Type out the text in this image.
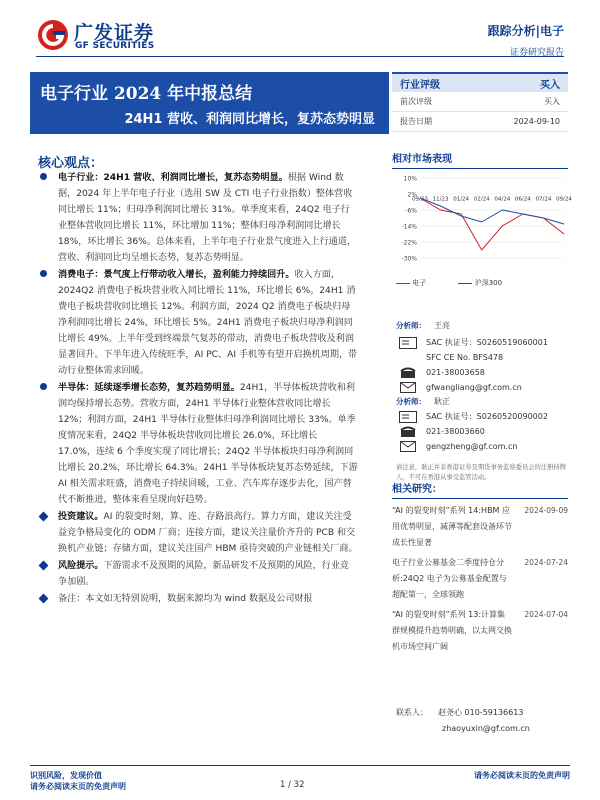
广发证券
GF SECURITIES
跟踪分析|电子
证券研究报告
电子行业 2024 年中报总结
24H1 营收、利润同比增长，复苏态势明显
行业评级	买入
前次评级	买入
报告日期	2024-09-10
核心观点：
电子行业：24H1 营收、利润同比增长，复苏态势明显。根据 Wind 数据，2024 年上半年电子行业（选用 SW 及 CTI 电子行业指数）整体营收同比增长 11%；归母净利润同比增长 31%。单季度来看，24Q2 电子行业整体营收同比增长 11%，环比增加 11%；整体归母净利润同比增长 18%，环比增长 36%。总体来看，上半年电子行业景气度进入上行通道，营收、利润同比均呈增长态势，复苏态势明显。
消费电子：景气度上行带动收入增长，盈利能力持续回升。收入方面，2024Q2 消费电子板块营业收入同比增长 11%，环比增长 6%。24H1 消费电子板块营收同比增长 12%。利润方面，2024 Q2 消费电子板块归母净利润同比增长 24%，环比增长 5%。24H1 消费电子板块归母净利润同比增长 49%。上半年受到终端景气复苏的带动，消费电子板块营收及利润显著回升。下半年进入传统旺季，AI PC、AI 手机等有望开启换机周期，带动行业整体需求回暖。
半导体：延续逐季增长态势，复苏趋势明显。24H1，半导体板块营收和利润均保持增长态势。营收方面，24H1 半导体行业整体营收同比增长 12%；利润方面，24H1 半导体行业整体归母净利润同比增长 33%。单季度情况来看，24Q2 半导体板块营收同比增长 26.0%，环比增长 17.0%，连续 6 个季度实现了同比增长；24Q2 半导体板块归母净利润同比增长 20.2%，环比增长 64.3%。24H1 半导体板块复苏态势延续，下游 AI 相关需求旺盛，消费电子持续回暖，工业、汽车库存逐步去化，国产替代不断推进，整体来看呈现向好趋势。
投资建议。AI 的裂变时刻，算、连、存路浪高行。算力方面，建议关注受益竞争格局变化的 ODM 厂商；连接方面，建议关注量价齐升的 PCB 和交换机产业链；存储方面，建议关注国产 HBM 亟待突破的产业链相关厂商。
风险提示。下游需求不及预期的风险，新品研发不及预期的风险，行业竞争加剧。
备注：本文如无特别说明，数据来源均为 wind 数据及公司财报
相对市场表现
10%
2%
-6%
-14%
-22%
-30%
09/23 11/23 01/24 02/24 04/24 06/24 07/24 09/24
电子	沪深300
分析师：	王亮
SAC 执证号：S0260519060001
SFC CE No. BFS478
021-38003658
gfwangliang@gf.com.cn
分析师：	耿正
SAC 执证号：S0260520090002
021-38003660
gengzheng@gf.com.cn
请注意，耿正并非香港证券及期货事务监察委员会的注册持牌人，不可在香港从事受监管活动。
相关研究：
“AI 的裂变时刻”系列 14:HBM 应用优势明显，减薄等配套设备环节成长性显著
2024-09-09
电子行业公募基金二季度持仓分析:24Q2 电子为公募基金配置与超配第一，全球领跑
2024-07-24
“AI 的裂变时刻”系列 13:计算集群规模提升趋势明确，以太网交换机市场空间广阔
2024-07-04
联系人： 赵尧心 010-59136613
zhaoyuxin@gf.com.cn
识别风险，发现价值
请务必阅读末页的免责声明	1 / 32
请务必阅读末页的免责声明
